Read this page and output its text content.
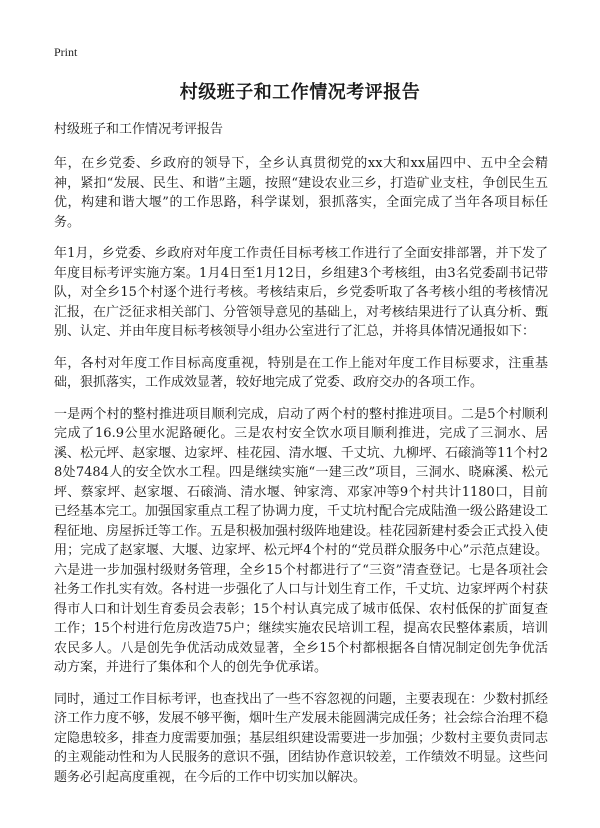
Print
村级班子和工作情况考评报告

村级班子和工作情况考评报告

年，在乡党委、乡政府的领导下，全乡认真贯彻党的xx大和xx届四中、五中全会精神，紧扣“发展、民生、和谐”主题，按照“建设农业三乡，打造矿业支柱，争创民生五优，构建和谐大堰”的工作思路，科学谋划，狠抓落实，全面完成了当年各项目标任务。

年1月，乡党委、乡政府对年度工作责任目标考核工作进行了全面安排部署，并下发了年度目标考评实施方案。1月4日至1月12日，乡组建3个考核组，由3名党委副书记带队，对全乡15个村逐个进行考核。考核结束后，乡党委听取了各考核小组的考核情况汇报，在广泛征求相关部门、分管领导意见的基础上，对考核结果进行了认真分析、甄别、认定、并由年度目标考核领导小组办公室进行了汇总，并将具体情况通报如下：

年，各村对年度工作目标高度重视，特别是在工作上能对年度工作目标要求，注重基础，狠抓落实，工作成效显著，较好地完成了党委、政府交办的各项工作。

一是两个村的整村推进项目顺利完成，启动了两个村的整村推进项目。二是5个村顺利完成了16.9公里水泥路硬化。三是农村安全饮水项目顺利推进，完成了三洞水、居溪、松元坪、赵家堰、边家坪、桂花园、清水堰、千丈坑、九柳坪、石磙淌等11个村28处7484人的安全饮水工程。四是继续实施“一建三改”项目，三洞水、晓麻溪、松元坪、蔡家坪、赵家堰、石磙淌、清水堰、钟家湾、邓家冲等9个村共计1180口，目前已经基本完工。加强国家重点工程了协调力度，千丈坑村配合完成陆渔一级公路建设工程征地、房屋拆迁等工作。五是积极加强村级阵地建设。桂花园新建村委会正式投入使用；完成了赵家堰、大堰、边家坪、松元坪4个村的“党员群众服务中心”示范点建设。六是进一步加强村级财务管理，全乡15个村都进行了“三资”清查登记。七是各项社会社务工作扎实有效。各村进一步强化了人口与计划生育工作，千丈坑、边家坪两个村获得市人口和计划生育委员会表彰；15个村认真完成了城市低保、农村低保的扩面复查工作；15个村进行危房改造75户；继续实施农民培训工程，提高农民整体素质，培训农民多人。八是创先争优活动成效显著，全乡15个村都根据各自情况制定创先争优活动方案，并进行了集体和个人的创先争优承诺。

同时，通过工作目标考评，也查找出了一些不容忽视的问题，主要表现在：少数村抓经济工作力度不够，发展不够平衡，烟叶生产发展未能圆满完成任务；社会综合治理不稳定隐患较多，排查力度需要加强；基层组织建设需要进一步加强；少数村主要负责同志的主观能动性和为人民服务的意识不强，团结协作意识较差，工作绩效不明显。这些问题务必引起高度重视，在今后的工作中切实加以解决。
